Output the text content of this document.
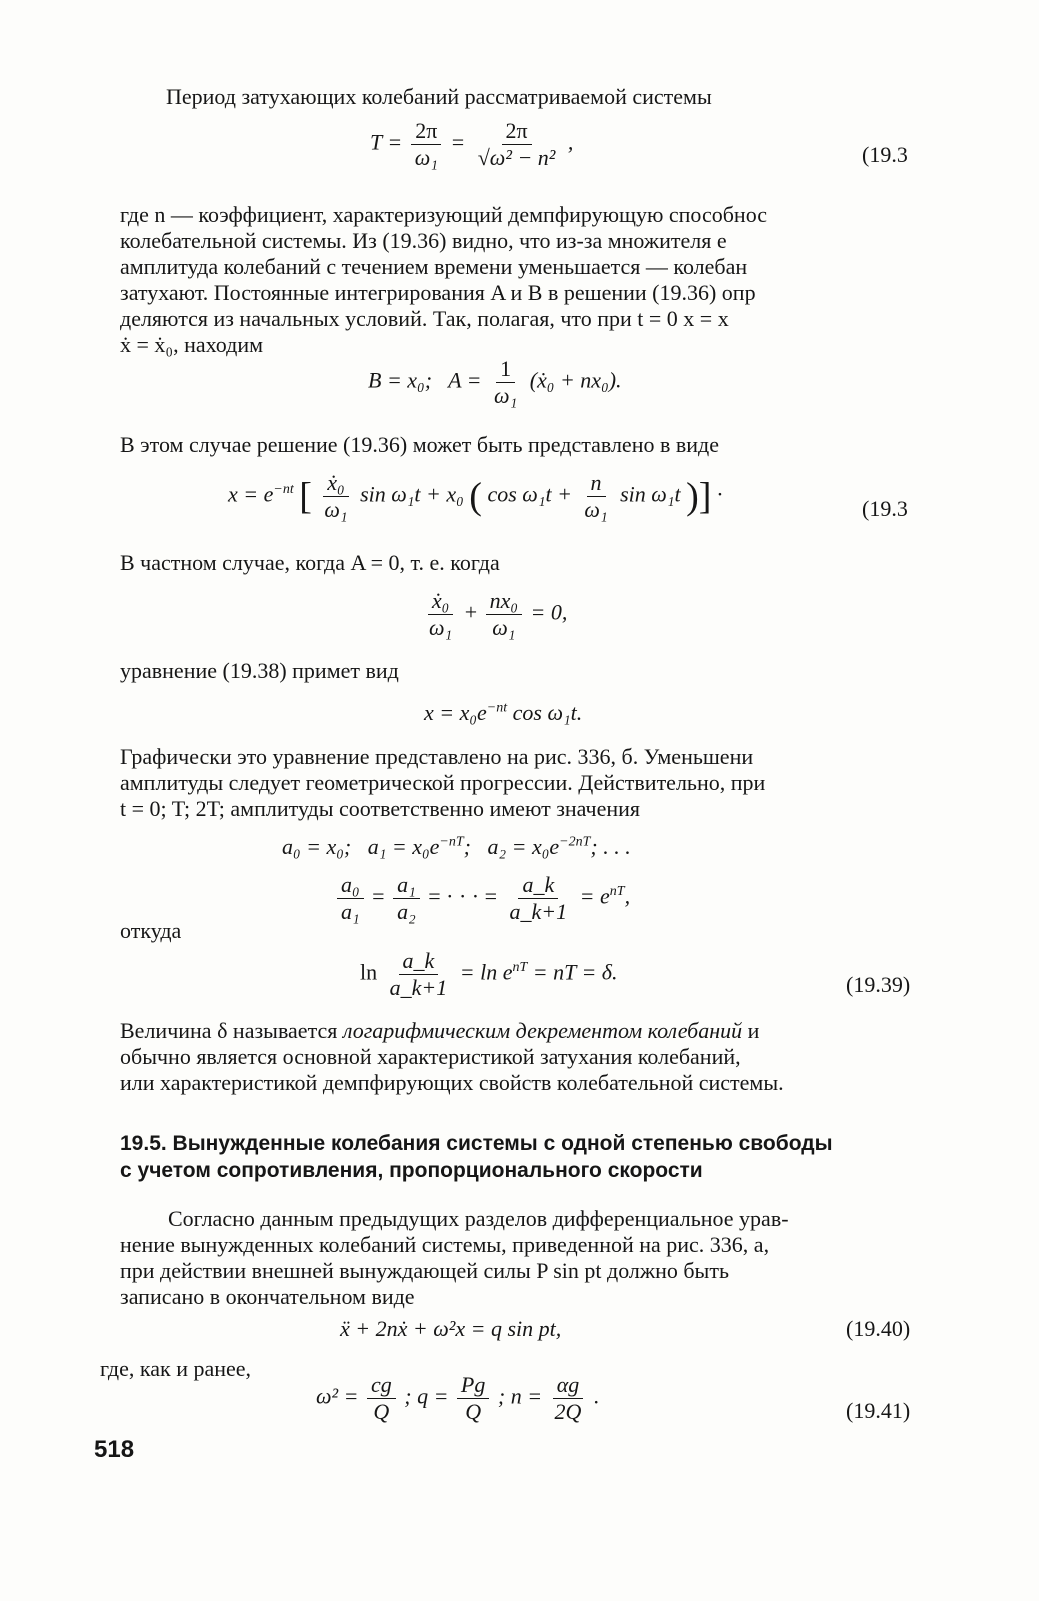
Период затухающих колебаний рассматриваемой системы
$T = \frac{2\pi}{\text{ω₁}} = \frac{2\pi}{\text{√ω² − n²}}$ ,	(19.3
где n — коэффициент, характеризующий демпфирующую способнос
колебательной системы. Из (19.36) видно, что из-за множителя e
амплитуда колебаний с течением времени уменьшается — колебан
затухают. Постоянные интегрирования A и B в решении (19.36) опр
деляются из начальных условий. Так, полагая, что при t = 0 x = x
ẋ = ẋ₀, находим
B = x₀; $A = \frac{1}{\text{ω₁}}$ (ẋ₀ + nx₀).
В этом случае решение (19.36) может быть представлено в виде
$x = e^{-nt}$ [ $\frac{\text{ẋ₀}}{\text{ω₁}}$ sin ω₁t + x₀ ( $\cos \omega_1t + \frac{n}{\text{ω₁}}$ sin ω₁t )] ·
(19.3
В частном случае, когда A = 0, т. е. когда
$\frac{\text{ẋ₀}}{\text{ω₁}} + \frac{\text{nx₀}}{\text{ω₁}} = 0$,
уравнение (19.38) примет вид
$x = x_0e^{-nt}$ cos ω₁t.
Графически это уравнение представлено на рис. 336, б. Уменьшени
амплитуды следует геометрической прогрессии. Действительно, при
t = 0; T; 2T; амплитуды соответственно имеют значения
a₀ = x₀; $a_1 = x_0e^{-nT}$; $a_2 = x_0e^{-2nT}$; . . .
$\frac{\text{a₀}}{\text{a₁}} = \frac{\text{a₁}}{\text{a₂}}$ = · · · = $\frac{a\_k}{a\_k+1} = e^{nT}$,
откуда
$\ln \frac{a\_k}{a\_k+1} = \ln e^{nT}$ = nT = δ.	(19.39)
Величина δ называется логарифмическим декрементом колебаний и
обычно является основной характеристикой затухания колебаний,
или характеристикой демпфирующих свойств колебательной системы.
19.5. Вынужденные колебания системы с одной степенью свободы
с учетом сопротивления, пропорционального скорости
Согласно данным предыдущих разделов дифференциальное урав-
нение вынужденных колебаний системы, приведенной на рис. 336, а,
при действии внешней вынуждающей силы P sin pt должно быть
записано в окончательном виде
ẍ + 2nẋ + ω²x = q sin pt,	(19.40)
где, как и ранее,
$\omega^2 = \frac{cg}{Q}$ ; $q = \frac{Pg}{Q}$ ; $n = \frac{\alpha g}{2Q}$ .
(19.41)
518
